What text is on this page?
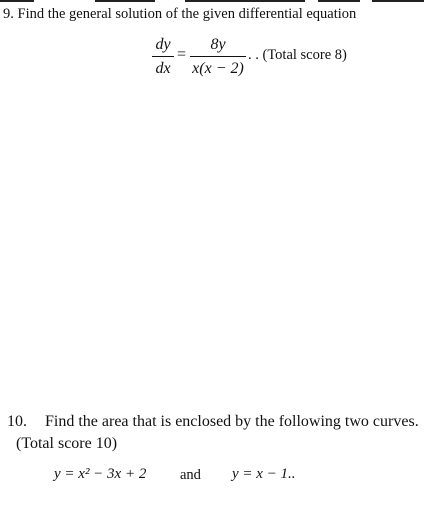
9. Find the general solution of the given differential equation
dy
dx
=
8y
x(x − 2)
. . (Total score 8)
10. Find the area that is enclosed by the following two curves.
(Total score 10)
y = x² − 3x + 2 and y = x − 1..
